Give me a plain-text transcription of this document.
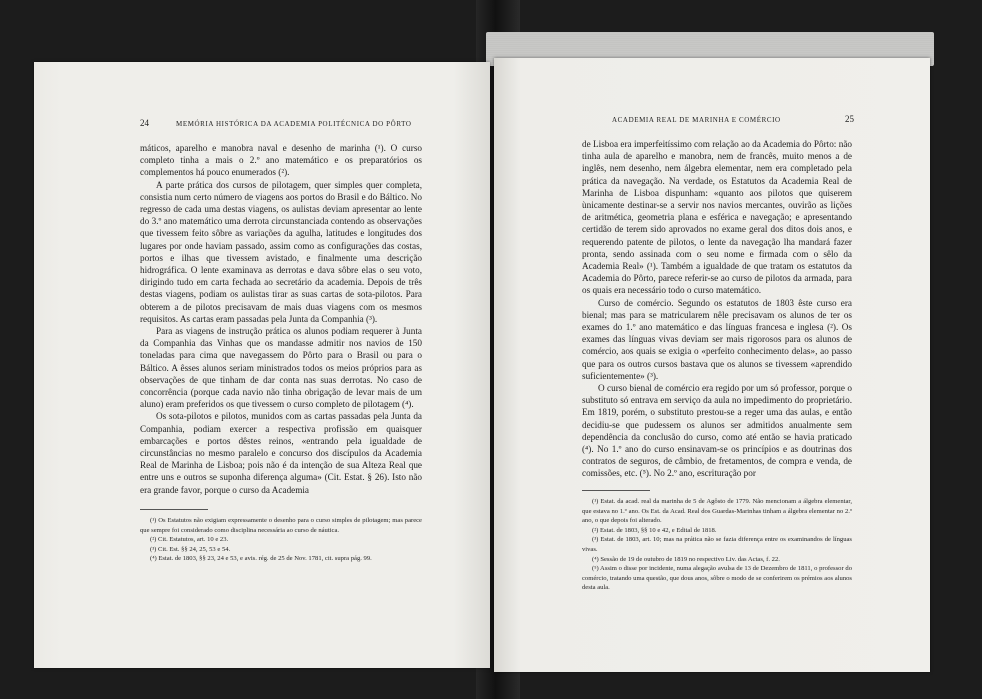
24	MEMÓRIA HISTÓRICA DA ACADEMIA POLITÉCNICA DO PÔRTO

máticos, aparelho e manobra naval e desenho de marinha (¹). O curso completo tinha a mais o 2.º ano matemático e os preparatórios os complementos há pouco enumerados (²).

A parte prática dos cursos de pilotagem, quer simples quer completa, consistia num certo número de viagens aos portos do Brasil e do Báltico. No regresso de cada uma destas viagens, os aulistas deviam apresentar ao lente do 3.º ano matemático uma derrota circunstanciada contendo as observações que tivessem feito sôbre as variações da agulha, latitudes e longitudes dos lugares por onde haviam passado, assim como as configurações das costas, portos e ilhas que tivessem avistado, e finalmente uma descrição hidrográfica. O lente examinava as derrotas e dava sôbre elas o seu voto, dirigindo tudo em carta fechada ao secretário da academia. Depois de três destas viagens, podiam os aulistas tirar as suas cartas de sota-pilotos. Para obterem a de pilotos precisavam de mais duas viagens com os mesmos requisitos. As cartas eram passadas pela Junta da Companhia (³).

Para as viagens de instrução prática os alunos podiam requerer à Junta da Companhia das Vinhas que os mandasse admitir nos navios de 150 toneladas para cima que navegassem do Pôrto para o Brasil ou para o Báltico. A êsses alunos seriam ministrados todos os meios próprios para as observações de que tinham de dar conta nas suas derrotas. No caso de concorrência (porque cada navio não tinha obrigação de levar mais de um aluno) eram preferidos os que tivessem o curso completo de pilotagem (⁴).

Os sota-pilotos e pilotos, munidos com as cartas passadas pela Junta da Companhia, podiam exercer a respectiva profissão em quaisquer embarcações e portos dêstes reinos, «entrando pela igualdade de circunstâncias no mesmo paralelo e concurso dos discípulos da Academia Real de Marinha de Lisboa; pois não é da intenção de sua Alteza Real que entre uns e outros se suponha diferença alguma» (Cit. Estat. § 26). Isto não era grande favor, porque o curso da Academia

(¹) Os Estatutos não exigiam expressamente o desenho para o curso simples de pilotagem; mas parece que sempre foi considerado como disciplina necessária ao curso de náutica.

(²) Cit. Estatutos, art. 10 e 23.

(³) Cit. Est. §§ 24, 25, 53 e 54.

(⁴) Estat. de 1803, §§ 23, 24 e 53, e avis. rég. de 25 de Nov. 1781, cit. supra pág. 99.

ACADEMIA REAL DE MARINHA E COMÉRCIO	25

de Lisboa era imperfeitíssimo com relação ao da Academia do Pôrto: não tinha aula de aparelho e manobra, nem de francês, muito menos a de inglês, nem desenho, nem álgebra elementar, nem era completado pela prática da navegação. Na verdade, os Estatutos da Academia Real de Marinha de Lisboa dispunham: «quanto aos pilotos que quiserem ùnicamente destinar-se a servir nos navios mercantes, ouvirão as lições de aritmética, geometria plana e esférica e navegação; e apresentando certidão de terem sido aprovados no exame geral dos ditos dois anos, e requerendo patente de pilotos, o lente da navegação lha mandará fazer pronta, sendo assinada com o seu nome e firmada com o sêlo da Academia Real» (¹). Também a igualdade de que tratam os estatutos da Academia do Pôrto, parece referir-se ao curso de pilotos da armada, para os quais era necessário todo o curso matemático.

Curso de comércio. Segundo os estatutos de 1803 êste curso era bienal; mas para se matricularem nêle precisavam os alunos de ter os exames do 1.º ano matemático e das línguas francesa e inglesa (²). Os exames das línguas vivas deviam ser mais rigorosos para os alunos de comércio, aos quais se exigia o «perfeito conhecimento delas», ao passo que para os outros cursos bastava que os alunos se tivessem «aprendido suficientemente» (³).

O curso bienal de comércio era regido por um só professor, porque o substituto só entrava em serviço da aula no impedimento do proprietário. Em 1819, porém, o substituto prestou-se a reger uma das aulas, e então decidiu-se que pudessem os alunos ser admitidos anualmente sem dependência da conclusão do curso, como até então se havia praticado (⁴). No 1.º ano do curso ensinavam-se os princípios e as doutrinas dos contratos de seguros, de câmbio, de fretamentos, de compra e venda, de comissões, etc. (⁵). No 2.º ano, escrituração por

(¹) Estat. da acad. real da marinha de 5 de Agôsto de 1779. Não mencionam a álgebra elementar, que estava no 1.º ano. Os Est. da Acad. Real dos Guardas-Marinhas tinham a álgebra elementar no 2.º ano, o que depois foi alterado.

(²) Estat. de 1803, §§ 10 e 42, e Edital de 1818.

(³) Estat. de 1803, art. 10; mas na prática não se fazia diferença entre os examinandos de línguas vivas.

(⁴) Sessão de 19 de outubro de 1819 no respectivo Liv. das Actas, f. 22.

(⁵) Assim o disse por incidente, numa alegação avulsa de 13 de Dezembro de 1811, o professor do comércio, tratando uma questão, que dous anos, sôbre o modo de se conferirem os prémios aos alunos desta aula.
